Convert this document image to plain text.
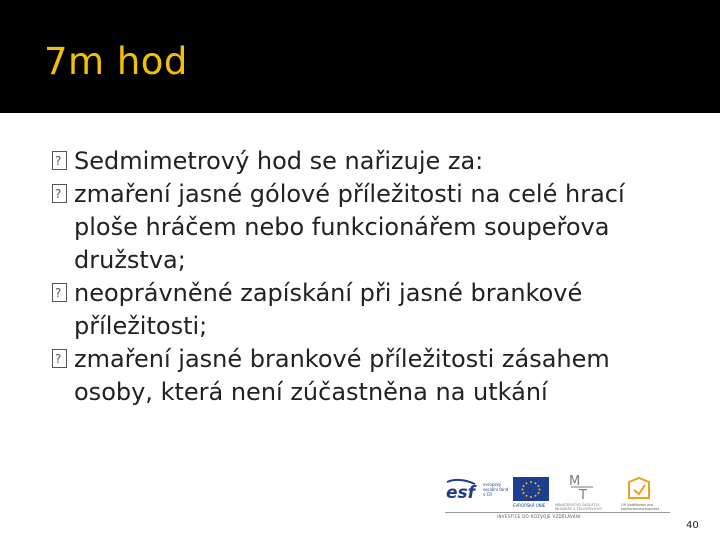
7m hod
?
Sedmimetrový hod se nařizuje za:
?
zmaření jasné gólové příležitosti na celé hrací ploše hráčem nebo funkcionářem soupeřova družstva;
?
neoprávněné zapískání při jasné brankové příležitosti;
?
zmaření jasné brankové příležitosti zásahem osoby, která není zúčastněna na utkání
esf	evropský sociální fond v ČR
EVROPSKÁ UNIE
M
T
MINISTERSTVO ŠKOLSTVÍ, MLÁDEŽE A TĚLOVÝCHOVY
OP Vzdělávání pro konkurenceschopnost
INVESTICE DO ROZVOJE VZDĚLÁVÁNÍ
40
